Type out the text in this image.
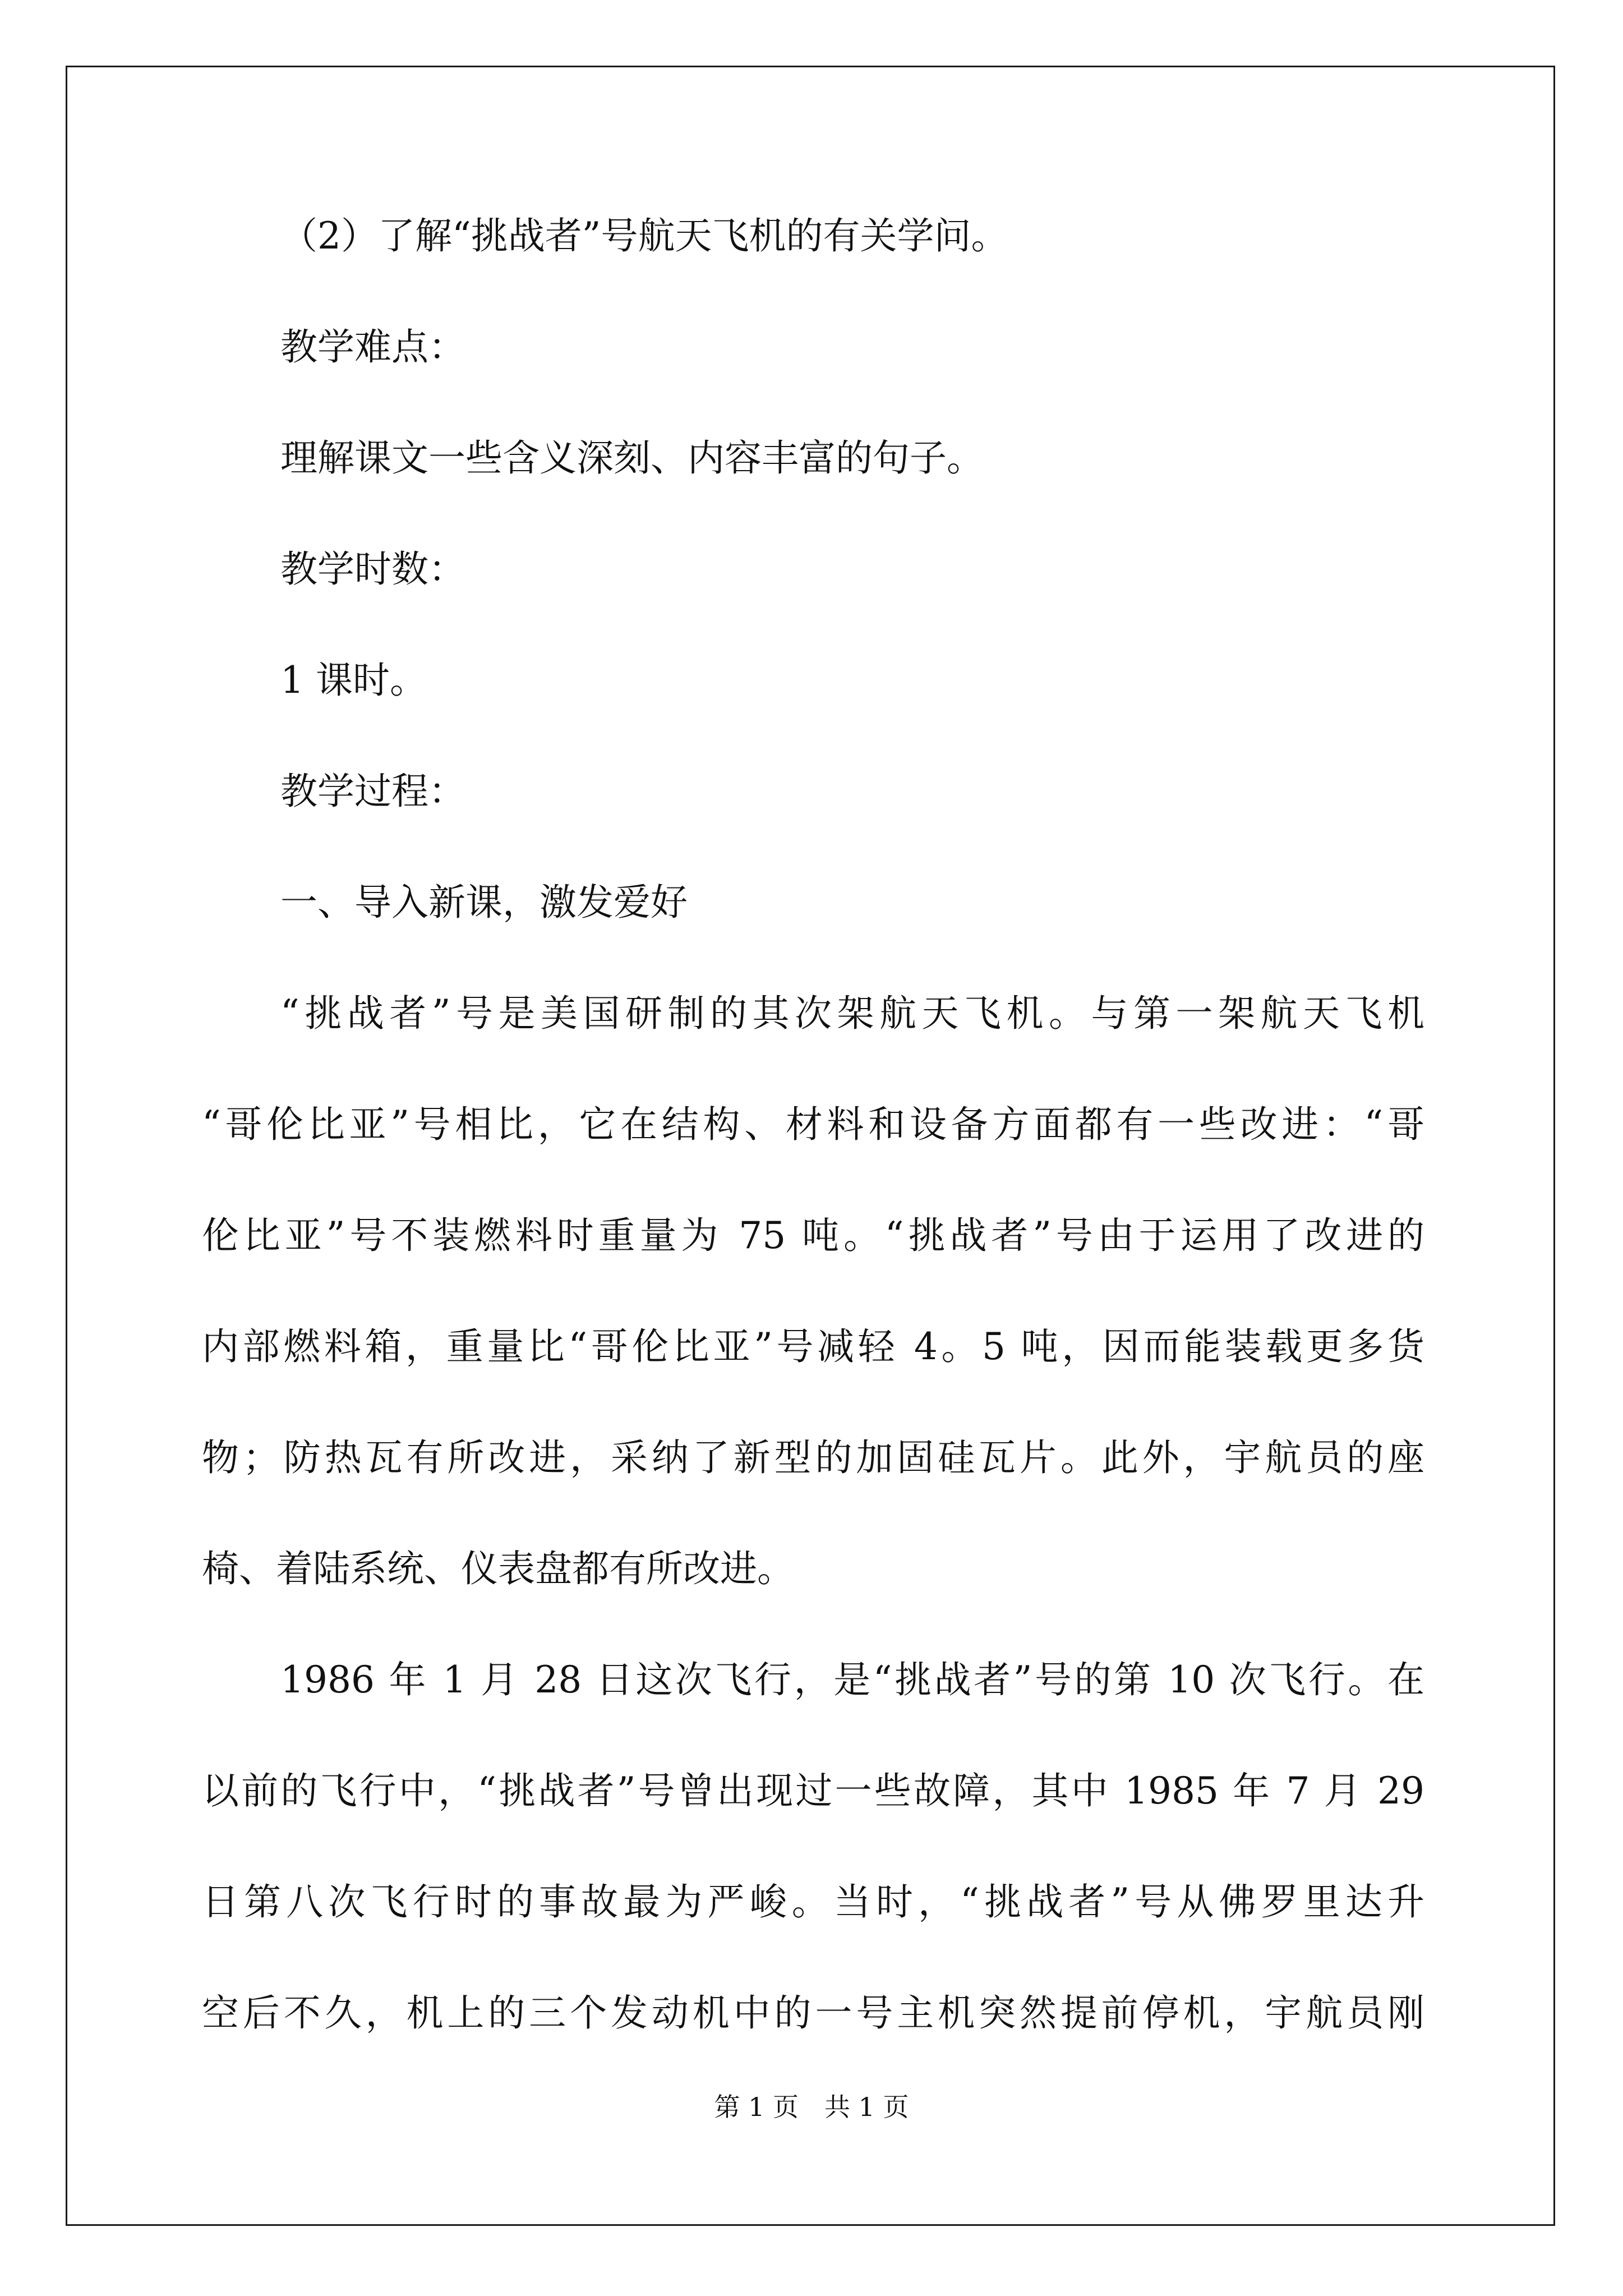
（2）了解“挑战者”号航天飞机的有关学问。
教学难点：
理解课文一些含义深刻、内容丰富的句子。
教学时数：
1 课时。
教学过程：
一、导入新课，激发爱好
“挑战者”号是美国研制的其次架航天飞机。与第一架航天飞机
“哥伦比亚”号相比，它在结构、材料和设备方面都有一些改进：“哥
伦比亚”号不装燃料时重量为 75 吨。“挑战者”号由于运用了改进的
内部燃料箱，重量比“哥伦比亚”号减轻 4。5 吨，因而能装载更多货
物；防热瓦有所改进，采纳了新型的加固硅瓦片。此外，宇航员的座
椅、着陆系统、仪表盘都有所改进。
1986 年 1 月 28 日这次飞行，是“挑战者”号的第 10 次飞行。在
以前的飞行中，“挑战者”号曾出现过一些故障，其中 1985 年 7 月 29
日第八次飞行时的事故最为严峻。当时，“挑战者”号从佛罗里达升
空后不久，机上的三个发动机中的一号主机突然提前停机，宇航员刚
第 1 页　共 1 页
